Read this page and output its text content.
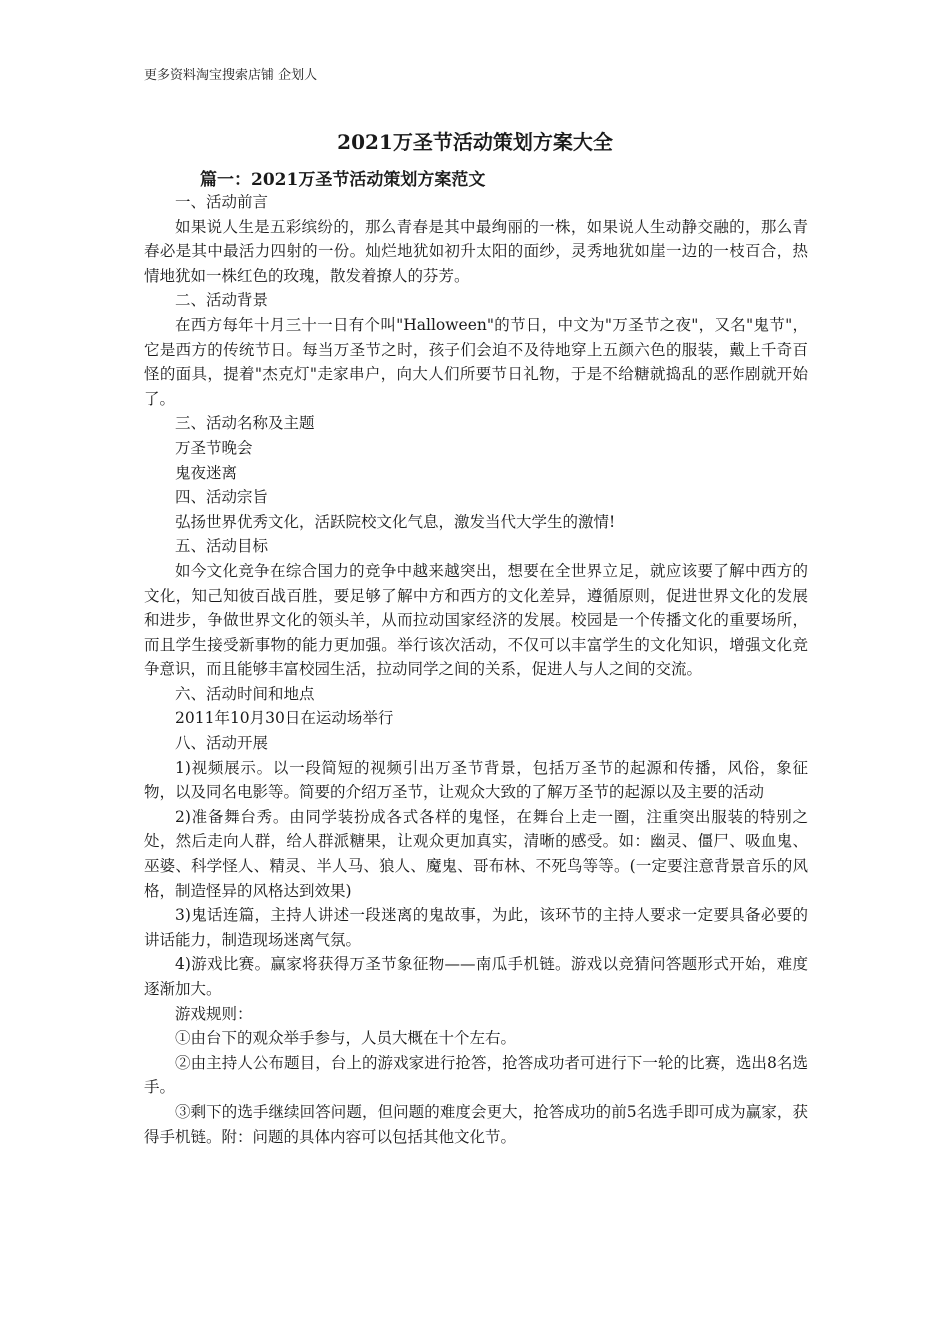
更多资料淘宝搜索店铺 企划人
2021万圣节活动策划方案大全
篇一：2021万圣节活动策划方案范文

一、活动前言

如果说人生是五彩缤纷的，那么青春是其中最绚丽的一株，如果说人生动静交融的，那么青春必是其中最活力四射的一份。灿烂地犹如初升太阳的面纱，灵秀地犹如崖一边的一枝百合，热情地犹如一株红色的玫瑰，散发着撩人的芬芳。

二、活动背景

在西方每年十月三十一日有个叫"Halloween"的节日，中文为"万圣节之夜"，又名"鬼节"，它是西方的传统节日。每当万圣节之时，孩子们会迫不及待地穿上五颜六色的服装，戴上千奇百怪的面具，提着"杰克灯"走家串户，向大人们所要节日礼物，于是不给糖就捣乱的恶作剧就开始了。

三、活动名称及主题

万圣节晚会

鬼夜迷离

四、活动宗旨

弘扬世界优秀文化，活跃院校文化气息，激发当代大学生的激情!

五、活动目标

如今文化竞争在综合国力的竞争中越来越突出，想要在全世界立足，就应该要了解中西方的文化，知己知彼百战百胜，要足够了解中方和西方的文化差异，遵循原则，促进世界文化的发展和进步，争做世界文化的领头羊，从而拉动国家经济的发展。校园是一个传播文化的重要场所，而且学生接受新事物的能力更加强。举行该次活动，不仅可以丰富学生的文化知识，增强文化竞争意识，而且能够丰富校园生活，拉动同学之间的关系，促进人与人之间的交流。

六、活动时间和地点

2011年10月30日在运动场举行

八、活动开展

1)视频展示。以一段简短的视频引出万圣节背景，包括万圣节的起源和传播，风俗，象征物，以及同名电影等。简要的介绍万圣节，让观众大致的了解万圣节的起源以及主要的活动

2)准备舞台秀。由同学装扮成各式各样的鬼怪，在舞台上走一圈，注重突出服装的特别之处，然后走向人群，给人群派糖果，让观众更加真实，清晰的感受。如：幽灵、僵尸、吸血鬼、巫婆、科学怪人、精灵、半人马、狼人、魔鬼、哥布林、不死鸟等等。(一定要注意背景音乐的风格，制造怪异的风格达到效果)

3)鬼话连篇，主持人讲述一段迷离的鬼故事，为此，该环节的主持人要求一定要具备必要的讲话能力，制造现场迷离气氛。

4)游戏比赛。赢家将获得万圣节象征物——南瓜手机链。游戏以竞猜问答题形式开始，难度逐渐加大。

游戏规则：

①由台下的观众举手参与，人员大概在十个左右。

②由主持人公布题目，台上的游戏家进行抢答，抢答成功者可进行下一轮的比赛，选出8名选手。

③剩下的选手继续回答问题，但问题的难度会更大，抢答成功的前5名选手即可成为赢家，获得手机链。附：问题的具体内容可以包括其他文化节。
